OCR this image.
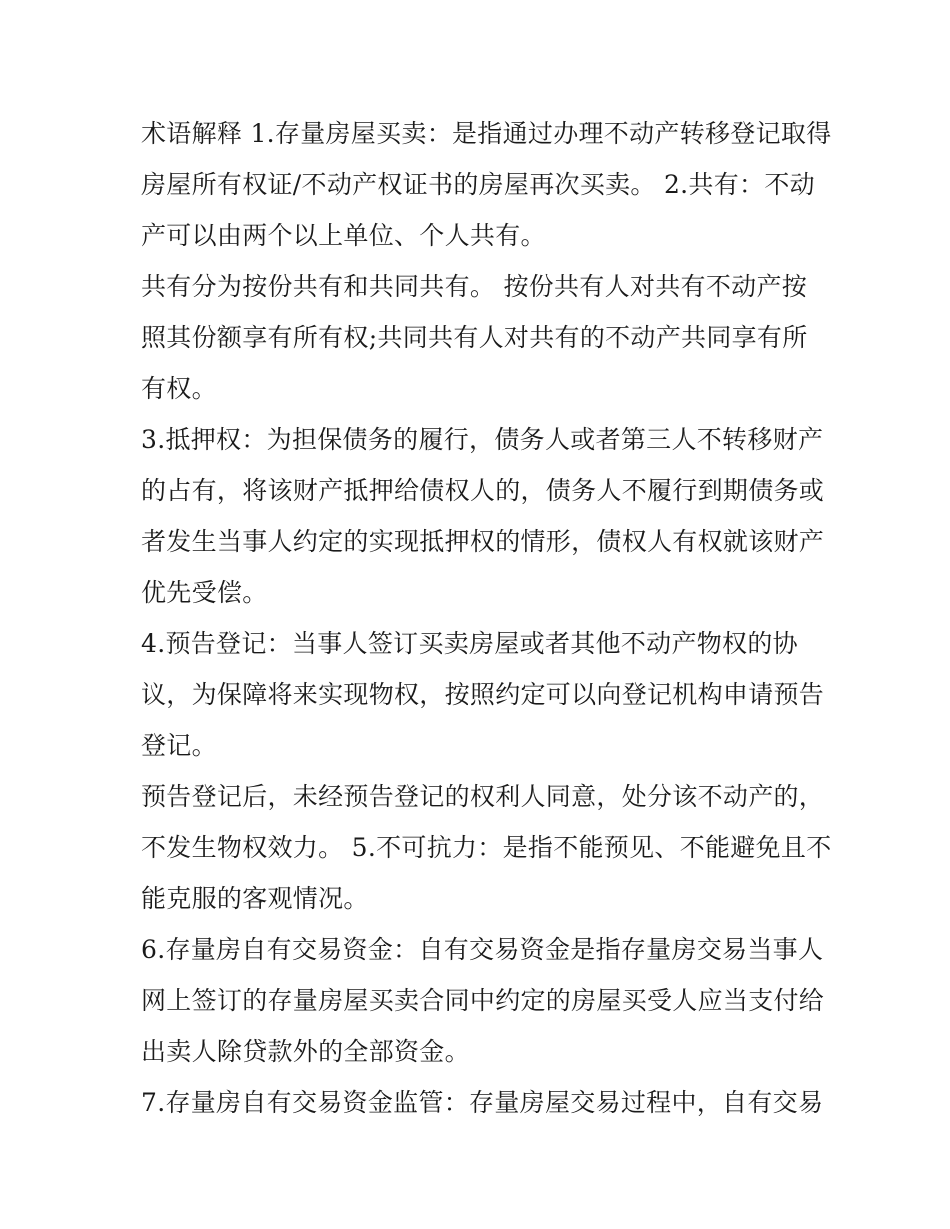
术语解释 1.存量房屋买卖：是指通过办理不动产转移登记取得
房屋所有权证/不动产权证书的房屋再次买卖。 2.共有：不动
产可以由两个以上单位、个人共有。
共有分为按份共有和共同共有。 按份共有人对共有不动产按
照其份额享有所有权;共同共有人对共有的不动产共同享有所
有权。
3.抵押权：为担保债务的履行，债务人或者第三人不转移财产
的占有，将该财产抵押给债权人的，债务人不履行到期债务或
者发生当事人约定的实现抵押权的情形，债权人有权就该财产
优先受偿。
4.预告登记：当事人签订买卖房屋或者其他不动产物权的协
议，为保障将来实现物权，按照约定可以向登记机构申请预告
登记。
预告登记后，未经预告登记的权利人同意，处分该不动产的，
不发生物权效力。 5.不可抗力：是指不能预见、不能避免且不
能克服的客观情况。
6.存量房自有交易资金：自有交易资金是指存量房交易当事人
网上签订的存量房屋买卖合同中约定的房屋买受人应当支付给
出卖人除贷款外的全部资金。
7.存量房自有交易资金监管：存量房屋交易过程中，自有交易
